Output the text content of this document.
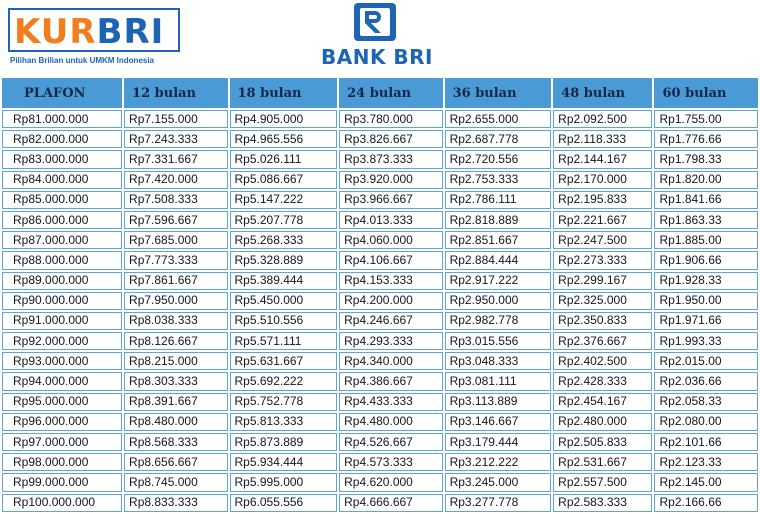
KURBRI
Pilihan Brilian untuk UMKM Indonesia	BANK BRI
PLAFON	12 bulan	18 bulan	24 bulan	36 bulan	48 bulan	60 bulan
Rp81.000.000	Rp7.155.000	Rp4.905.000	Rp3.780.000	Rp2.655.000	Rp2.092.500	Rp1.755.00
Rp82.000.000	Rp7.243.333	Rp4.965.556	Rp3.826.667	Rp2.687.778	Rp2.118.333	Rp1.776.66
Rp83.000.000	Rp7.331.667	Rp5.026.111	Rp3.873.333	Rp2.720.556	Rp2.144.167	Rp1.798.33
Rp84.000.000	Rp7.420.000	Rp5.086.667	Rp3.920.000	Rp2.753.333	Rp2.170.000	Rp1.820.00
Rp85.000.000	Rp7.508.333	Rp5.147.222	Rp3.966.667	Rp2.786.111	Rp2.195.833	Rp1.841.66
Rp86.000.000	Rp7.596.667	Rp5.207.778	Rp4.013.333	Rp2.818.889	Rp2.221.667	Rp1.863.33
Rp87.000.000	Rp7.685.000	Rp5.268.333	Rp4.060.000	Rp2.851.667	Rp2.247.500	Rp1.885.00
Rp88.000.000	Rp7.773.333	Rp5.328.889	Rp4.106.667	Rp2.884.444	Rp2.273.333	Rp1.906.66
Rp89.000.000	Rp7.861.667	Rp5.389.444	Rp4.153.333	Rp2.917.222	Rp2.299.167	Rp1.928.33
Rp90.000.000	Rp7.950.000	Rp5.450.000	Rp4.200.000	Rp2.950.000	Rp2.325.000	Rp1.950.00
Rp91.000.000	Rp8.038.333	Rp5.510.556	Rp4.246.667	Rp2.982.778	Rp2.350.833	Rp1.971.66
Rp92.000.000	Rp8.126.667	Rp5.571.111	Rp4.293.333	Rp3.015.556	Rp2.376.667	Rp1.993.33
Rp93.000.000	Rp8.215.000	Rp5.631.667	Rp4.340.000	Rp3.048.333	Rp2.402.500	Rp2.015.00
Rp94.000.000	Rp8.303.333	Rp5.692.222	Rp4.386.667	Rp3.081.111	Rp2.428.333	Rp2.036.66
Rp95.000.000	Rp8.391.667	Rp5.752.778	Rp4.433.333	Rp3.113.889	Rp2.454.167	Rp2.058.33
Rp96.000.000	Rp8.480.000	Rp5.813.333	Rp4.480.000	Rp3.146.667	Rp2.480.000	Rp2.080.00
Rp97.000.000	Rp8.568.333	Rp5.873.889	Rp4.526.667	Rp3.179.444	Rp2.505.833	Rp2.101.66
Rp98.000.000	Rp8.656.667	Rp5.934.444	Rp4.573.333	Rp3.212.222	Rp2.531.667	Rp2.123.33
Rp99.000.000	Rp8.745.000	Rp5.995.000	Rp4.620.000	Rp3.245.000	Rp2.557.500	Rp2.145.00
Rp100.000.000	Rp8.833.333	Rp6.055.556	Rp4.666.667	Rp3.277.778	Rp2.583.333	Rp2.166.66
